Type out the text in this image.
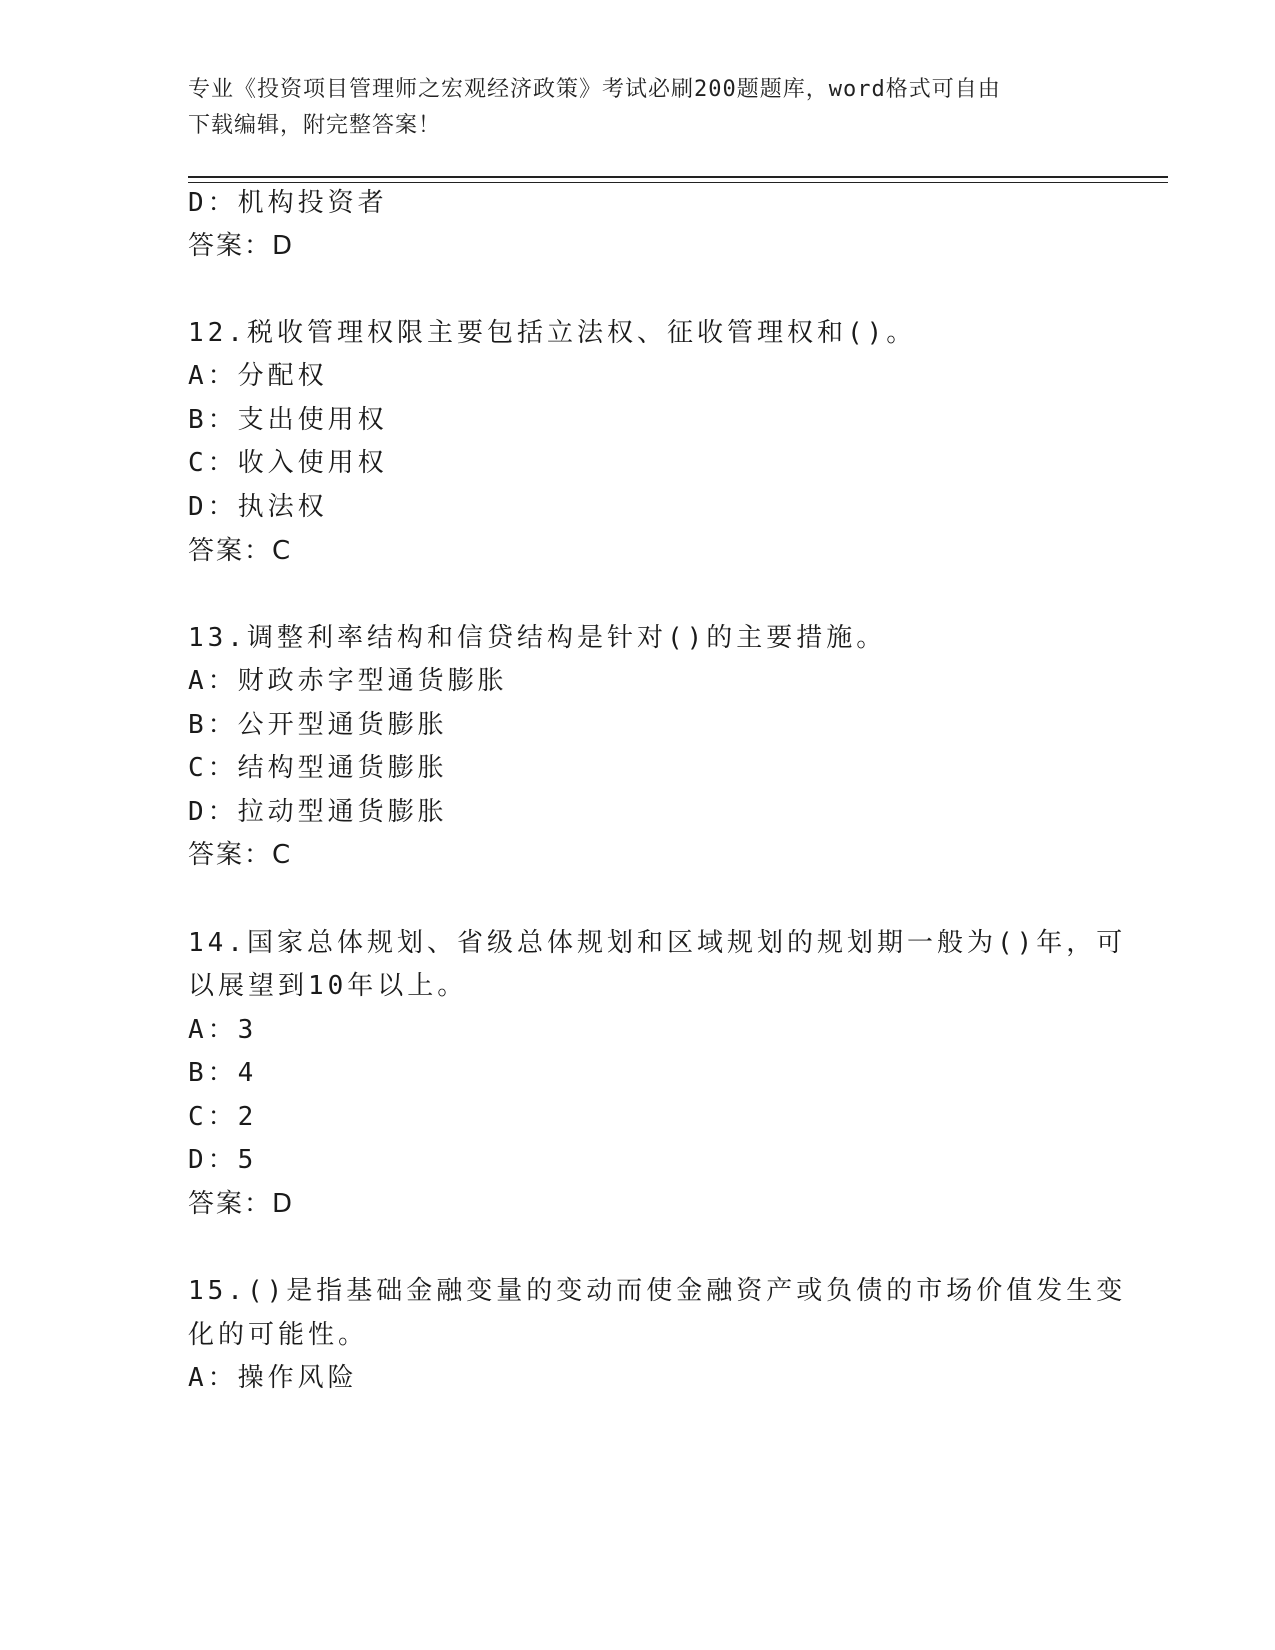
专业《投资项目管理师之宏观经济政策》考试必刷200题题库，word格式可自由
下载编辑，附完整答案！
D：机构投资者
答案：D
12.税收管理权限主要包括立法权、征收管理权和()。
A：分配权
B：支出使用权
C：收入使用权
D：执法权
答案：C
13.调整利率结构和信贷结构是针对()的主要措施。
A：财政赤字型通货膨胀
B：公开型通货膨胀
C：结构型通货膨胀
D：拉动型通货膨胀
答案：C
14.国家总体规划、省级总体规划和区域规划的规划期一般为()年，可
以展望到10年以上。
A：3
B：4
C：2
D：5
答案：D
15.()是指基础金融变量的变动而使金融资产或负债的市场价值发生变
化的可能性。
A：操作风险
